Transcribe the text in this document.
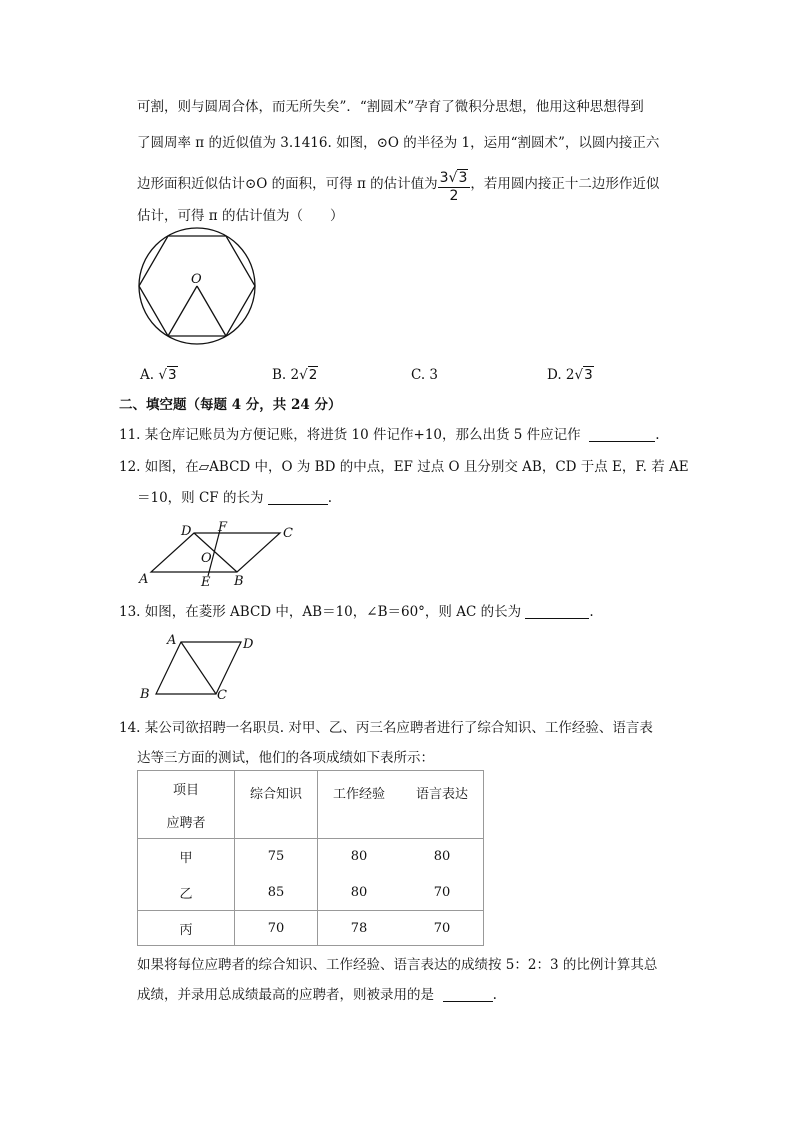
可割，则与圆周合体，而无所失矣”．“割圆术”孕育了微积分思想，他用这种思想得到
了圆周率 π 的近似值为 3.1416. 如图，⊙O 的半径为 1，运用“割圆术”，以圆内接正六
边形面积近似估计⊙O 的面积，可得 π 的估计值为 $\frac{3√3}{2}$ ，若用圆内接正十二边形作近似
估计，可得 π 的估计值为（　　）
O
A. √3	B. 2√2	C. 3	D. 2√3
二、填空题（每题 4 分，共 24 分）
11. 某仓库记账员为方便记账，将进货 10 件记作+10，那么出货 5 件应记作	.
12. 如图，在▱ABCD 中，O 为 BD 的中点，EF 过点 O 且分别交 AB，CD 于点 E，F. 若 AE
＝10，则 CF 的长为	.
A	E B
C
D F
O
13. 如图，在菱形 ABCD 中，AB＝10，∠B＝60°，则 AC 的长为	.
A	D
B	C
14. 某公司欲招聘一名职员. 对甲、乙、丙三名应聘者进行了综合知识、工作经验、语言表
达等三方面的测试，他们的各项成绩如下表所示：
项目
应聘者	综合知识	工作经验	语言表达
甲	75	80	80
乙	85	80	70
丙	70	78	70
如果将每位应聘者的综合知识、工作经验、语言表达的成绩按 5：2：3 的比例计算其总
成绩，并录用总成绩最高的应聘者，则被录用的是	.
